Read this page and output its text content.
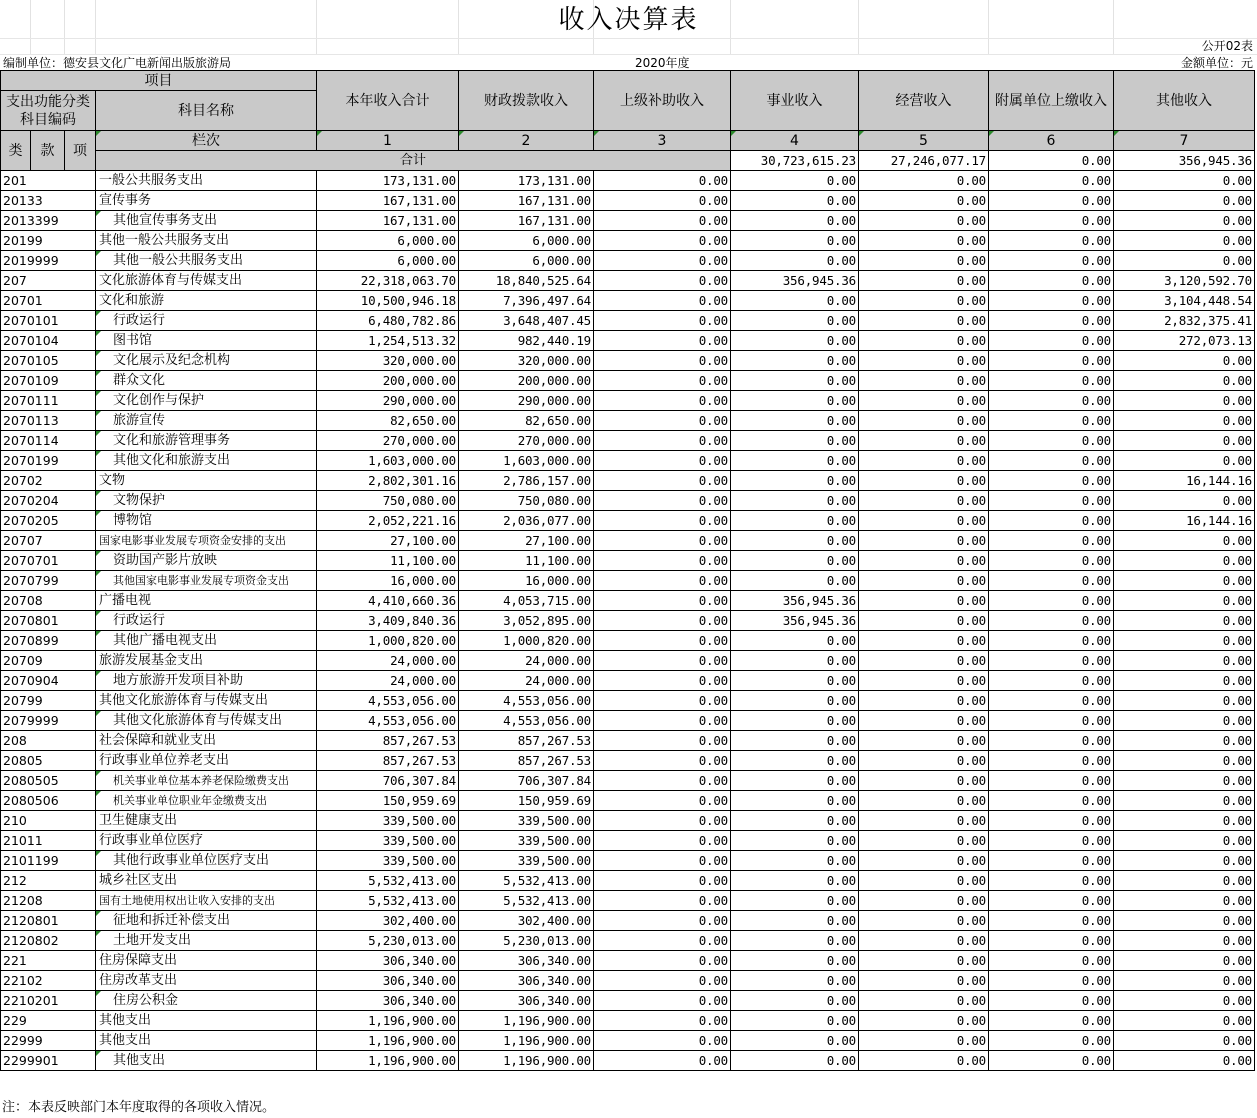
收入决算表
公开02表
编制单位：德安县文化广电新闻出版旅游局	2020年度	金额单位：元
项目				本年收入合计	财政拨款收入	上级补助收入	事业收入	经营收入	附属单位上缴收入	其他收入	
支出功能分类科目编码			科目名称								

类	款	项	栏次	1	2	3	4	5	6	7	
			合计				30,723,615.23	27,246,077.17	0.00	356,945.36			
201			一般公共服务支出	173,131.00	173,131.00	0.00	0.00	0.00	0.00	0.00	
20133			宣传事务	167,131.00	167,131.00	0.00	0.00	0.00	0.00	0.00	
2013399			其他宣传事务支出	167,131.00	167,131.00	0.00	0.00	0.00	0.00	0.00	
20199			其他一般公共服务支出	6,000.00	6,000.00	0.00	0.00	0.00	0.00	0.00	
2019999			其他一般公共服务支出	6,000.00	6,000.00	0.00	0.00	0.00	0.00	0.00	
207			文化旅游体育与传媒支出	22,318,063.70	18,840,525.64	0.00	356,945.36	0.00	0.00	3,120,592.70	
20701			文化和旅游	10,500,946.18	7,396,497.64	0.00	0.00	0.00	0.00	3,104,448.54	
2070101			行政运行	6,480,782.86	3,648,407.45	0.00	0.00	0.00	0.00	2,832,375.41	
2070104			图书馆	1,254,513.32	982,440.19	0.00	0.00	0.00	0.00	272,073.13	
2070105			文化展示及纪念机构	320,000.00	320,000.00	0.00	0.00	0.00	0.00	0.00	
2070109			群众文化	200,000.00	200,000.00	0.00	0.00	0.00	0.00	0.00	
2070111			文化创作与保护	290,000.00	290,000.00	0.00	0.00	0.00	0.00	0.00	
2070113			旅游宣传	82,650.00	82,650.00	0.00	0.00	0.00	0.00	0.00	
2070114			文化和旅游管理事务	270,000.00	270,000.00	0.00	0.00	0.00	0.00	0.00	
2070199			其他文化和旅游支出	1,603,000.00	1,603,000.00	0.00	0.00	0.00	0.00	0.00	
20702			文物	2,802,301.16	2,786,157.00	0.00	0.00	0.00	0.00	16,144.16	
2070204			文物保护	750,080.00	750,080.00	0.00	0.00	0.00	0.00	0.00	
2070205			博物馆	2,052,221.16	2,036,077.00	0.00	0.00	0.00	0.00	16,144.16	
20707			国家电影事业发展专项资金安排的支出	27,100.00	27,100.00	0.00	0.00	0.00	0.00	0.00	
2070701			资助国产影片放映	11,100.00	11,100.00	0.00	0.00	0.00	0.00	0.00	
2070799			其他国家电影事业发展专项资金支出	16,000.00	16,000.00	0.00	0.00	0.00	0.00	0.00	
20708			广播电视	4,410,660.36	4,053,715.00	0.00	356,945.36	0.00	0.00	0.00	
2070801			行政运行	3,409,840.36	3,052,895.00	0.00	356,945.36	0.00	0.00	0.00	
2070899			其他广播电视支出	1,000,820.00	1,000,820.00	0.00	0.00	0.00	0.00	0.00	
20709			旅游发展基金支出	24,000.00	24,000.00	0.00	0.00	0.00	0.00	0.00	
2070904			地方旅游开发项目补助	24,000.00	24,000.00	0.00	0.00	0.00	0.00	0.00	
20799			其他文化旅游体育与传媒支出	4,553,056.00	4,553,056.00	0.00	0.00	0.00	0.00	0.00	
2079999			其他文化旅游体育与传媒支出	4,553,056.00	4,553,056.00	0.00	0.00	0.00	0.00	0.00	
208			社会保障和就业支出	857,267.53	857,267.53	0.00	0.00	0.00	0.00	0.00	
20805			行政事业单位养老支出	857,267.53	857,267.53	0.00	0.00	0.00	0.00	0.00	
2080505			机关事业单位基本养老保险缴费支出	706,307.84	706,307.84	0.00	0.00	0.00	0.00	0.00	
2080506			机关事业单位职业年金缴费支出	150,959.69	150,959.69	0.00	0.00	0.00	0.00	0.00	
210			卫生健康支出	339,500.00	339,500.00	0.00	0.00	0.00	0.00	0.00	
21011			行政事业单位医疗	339,500.00	339,500.00	0.00	0.00	0.00	0.00	0.00	
2101199			其他行政事业单位医疗支出	339,500.00	339,500.00	0.00	0.00	0.00	0.00	0.00	
212			城乡社区支出	5,532,413.00	5,532,413.00	0.00	0.00	0.00	0.00	0.00	
21208			国有土地使用权出让收入安排的支出	5,532,413.00	5,532,413.00	0.00	0.00	0.00	0.00	0.00	
2120801			征地和拆迁补偿支出	302,400.00	302,400.00	0.00	0.00	0.00	0.00	0.00	
2120802			土地开发支出	5,230,013.00	5,230,013.00	0.00	0.00	0.00	0.00	0.00	
221			住房保障支出	306,340.00	306,340.00	0.00	0.00	0.00	0.00	0.00	
22102			住房改革支出	306,340.00	306,340.00	0.00	0.00	0.00	0.00	0.00	
2210201			住房公积金	306,340.00	306,340.00	0.00	0.00	0.00	0.00	0.00	
229			其他支出	1,196,900.00	1,196,900.00	0.00	0.00	0.00	0.00	0.00	
22999			其他支出	1,196,900.00	1,196,900.00	0.00	0.00	0.00	0.00	0.00	
2299901			其他支出	1,196,900.00	1,196,900.00	0.00	0.00	0.00	0.00	0.00	
注：本表反映部门本年度取得的各项收入情况。
